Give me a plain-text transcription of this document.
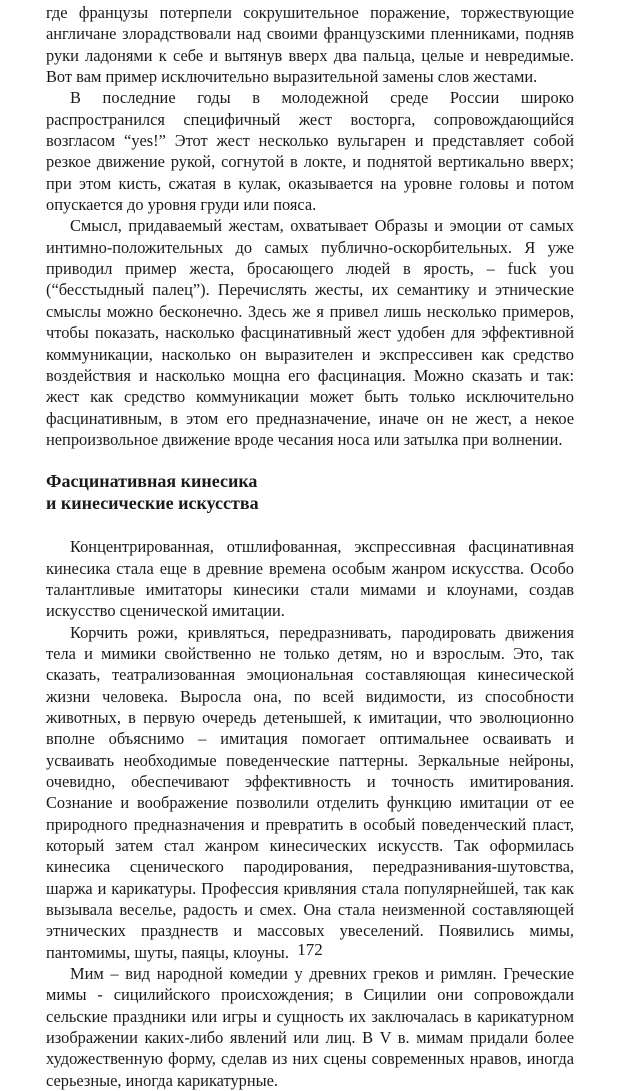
где французы потерпели сокрушительное поражение, торжествующие англичане злорадствовали над своими французскими пленниками, подняв руки ладонями к себе и вытянув вверх два пальца, целые и невредимые. Вот вам пример исключительно выразительной замены слов жестами.

В последние годы в молодежной среде России широко распространился специфичный жест восторга, сопровождающийся возгласом “yes!” Этот жест несколько вульгарен и представляет собой резкое движение рукой, согнутой в локте, и поднятой вертикально вверх; при этом кисть, сжатая в кулак, оказывается на уровне головы и потом опускается до уровня груди или пояса.

Смысл, придаваемый жестам, охватывает Образы и эмоции от самых интимно-положительных до самых публично-оскорбительных. Я уже приводил пример жеста, бросающего людей в ярость, – fuck you (“бесстыдный палец”). Перечислять жесты, их семантику и этнические смыслы можно бесконечно. Здесь же я привел лишь несколько примеров, чтобы показать, насколько фасцинативный жест удобен для эффективной коммуникации, насколько он выразителен и экспрессивен как средство воздействия и насколько мощна его фасцинация. Можно сказать и так: жест как средство коммуникации может быть только исключительно фасцинативным, в этом его предназначение, иначе он не жест, а некое непроизвольное движение вроде чесания носа или затылка при волнении.

Фасцинативная кинесика
и кинесические искусства

Концентрированная, отшлифованная, экспрессивная фасцинативная кинесика стала еще в древние времена особым жанром искусства. Особо талантливые имитаторы кинесики стали мимами и клоунами, создав искусство сценической имитации.

Корчить рожи, кривляться, передразнивать, пародировать движения тела и мимики свойственно не только детям, но и взрослым. Это, так сказать, театрализованная эмоциональная составляющая кинесической жизни человека. Выросла она, по всей видимости, из способности животных, в первую очередь детенышей, к имитации, что эволюционно вполне объяснимо – имитация помогает оптимальнее осваивать и усваивать необходимые поведенческие паттерны. Зеркальные нейроны, очевидно, обеспечивают эффективность и точность имитирования. Сознание и воображение позволили отделить функцию имитации от ее природного предназначения и превратить в особый поведенческий пласт, который затем стал жанром кинесических искусств. Так оформилась кинесика сценического пародирования, передразнивания-шутовства, шаржа и карикатуры. Профессия кривляния стала популярнейшей, так как вызывала веселье, радость и смех. Она стала неизменной составляющей этнических празднеств и массовых увеселений. Появились мимы, пантомимы, шуты, паяцы, клоуны.

Мим – вид народной комедии у древних греков и римлян. Греческие мимы - сицилийского происхождения; в Сицилии они сопровождали сельские праздники или игры и сущность их заключалась в карикатурном изображении каких-либо явлений или лиц. В V в. мимам придали более художественную форму, сделав из них сцены современных нравов, иногда серьезные, иногда карикатурные.

172
